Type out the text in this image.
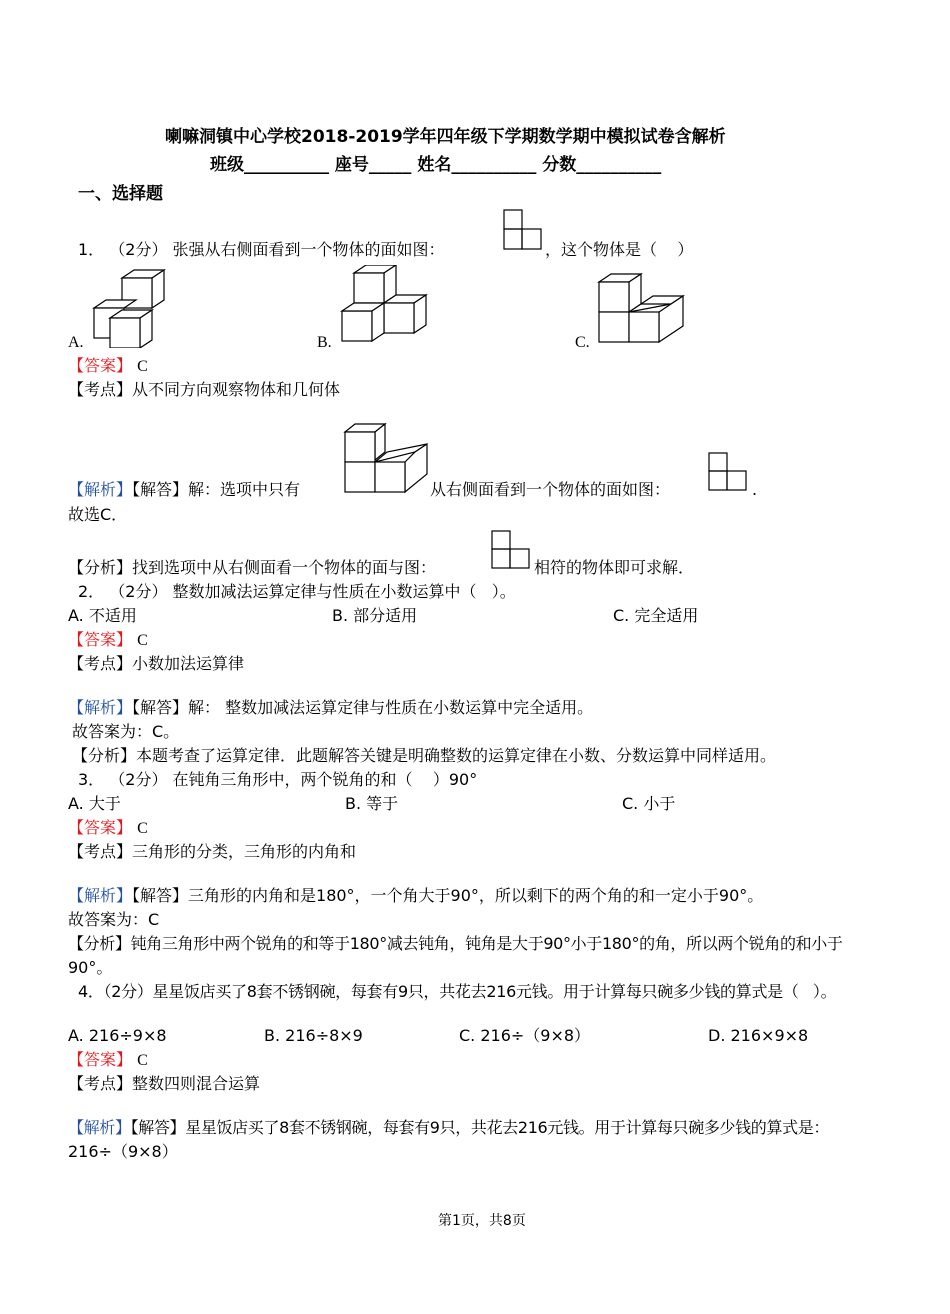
喇嘛洞镇中心学校2018-2019学年四年级下学期数学期中模拟试卷含解析
班级__________ 座号_____ 姓名__________ 分数__________
一、选择题
1． （2分） 张强从右侧面看到一个物体的面如图：	，这个物体是（    ）
A.	B.	C.
【答案】 C
【考点】从不同方向观察物体和几何体
【解析】【解答】解：选项中只有	从右侧面看到一个物体的面如图：	.
故选C．
【分析】找到选项中从右侧面看一个物体的面与图：	相符的物体即可求解．
2． （2分） 整数加减法运算定律与性质在小数运算中（   ）。
A. 不适用	B. 部分适用	C. 完全适用
【答案】 C
【考点】小数加法运算律
【解析】【解答】解： 整数加减法运算定律与性质在小数运算中完全适用。
故答案为：C。
【分析】本题考查了运算定律．此题解答关键是明确整数的运算定律在小数、分数运算中同样适用。
3． （2分） 在钝角三角形中，两个锐角的和（    ）90°
A. 大于	B. 等于	C. 小于
【答案】 C
【考点】三角形的分类，三角形的内角和
【解析】【解答】三角形的内角和是180°，一个角大于90°，所以剩下的两个角的和一定小于90°。
故答案为：C
【分析】钝角三角形中两个锐角的和等于180°减去钝角，钝角是大于90°小于180°的角，所以两个锐角的和小于
90°。
4．（2分）星星饭店买了8套不锈钢碗，每套有9只，共花去216元钱。用于计算每只碗多少钱的算式是（   ）。
A. 216÷9×8	B. 216÷8×9	C. 216÷（9×8）	D. 216×9×8
【答案】 C
【考点】整数四则混合运算
【解析】【解答】星星饭店买了8套不锈钢碗，每套有9只，共花去216元钱。用于计算每只碗多少钱的算式是：
216÷（9×8）
第1页，共8页
